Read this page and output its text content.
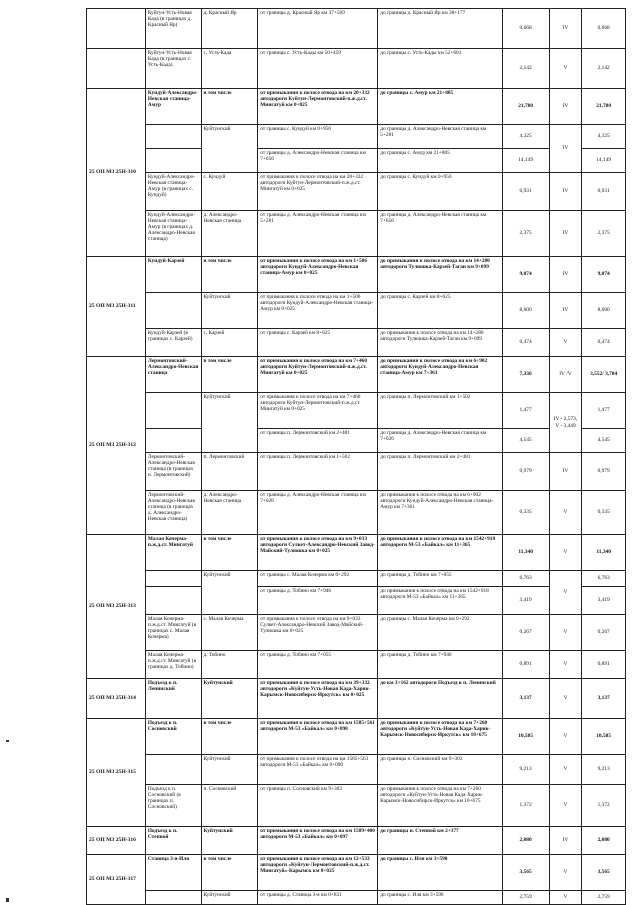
	Куйтун-Усть-Новая Када (в границах д. Красный Яр)	д. Красный Яр	от границы д. Красный Яр км 37+509	до границы д. Красный Яр км 38+177	0,668	IV	0,668
	Куйтун-Усть-Новая Када (в границах с. Усть-Када)	с. Усть-Када	от границы с. Усть-Кады км 50+459	до границы с. Усть-Кады км 52+601	2,142	V	2,142
25 ОП МЗ 25Н-310	Кундуй-Александро-Невская станица-Амур	в том числе	от примыкания к полосе отвода на км 20+332 автодороги Куйтун-Лермонтовский-п.ж.д.ст. Мингатуй км 0+025	до границы с. Амур км 21+805	21,780	IV	21,780
		Куйтунский	от границы с. Кундуй км 0+956	до границы д. Александро-Невская станица км 5+281	4,325	IV	4,325
			от границы д. Александро-Невская станица км 7+656	до границы с. Амур км 21+805	14,149		14,149
	Кундуй-Александро-Невская станица-Амур (в границах с. Кундуй)	с. Кундуй	от примыкания к полосе отвода на км 20+332 автодороги Куйтун-Лермонтовский-п.ж.д.ст. Мингатуй км 0+025	до границы с. Кундуй км 0+956	0,931	IV	0,931
	Кундуй-Александро-Невская станица-Амур (в границах д. Александро-Невская станица)	д. Александро-Невская станица	от границы д. Александро-Невская станица км 5+281	до границы д. Александро-Невская станица км 7+656	2,375	IV	2,375
25 ОП МЗ 25Н-311	Кундуй-Карзей	в том числе	от примыкания к полосе отвода на км 1+506 автодороги Кундуй-Александро-Невская станица-Амур км 0+025	до примыкания к полосе отвода на км 14+280 автодороги Тулюшка-Карзей-Таган км 9+099	9,074	IV	9,074
		Куйтунский	от примыкания к полосе отвода на км 1+506 автодороги Кундуй-Александро-Невская станица-Амур км 0+025	до границы с. Карзей км 8+625	8,600	IV	8,600
	Кундуй-Карзей (в границах с. Карзей)	с. Карзей	от границы с. Карзей км 8+625	до примыкания к полосе отвода на км 14+280 автодороги Тулюшка-Карзей-Таган км 9+099	0,474	V	0,474
25 ОП МЗ 25Н-312	Лермонтовский-Александро-Невская станица	в том числе	от примыкания к полосе отвода на км 7+460 автодороги Куйтун-Лермонтовский-п.ж.д.ст. Мингатуй км 0+025	до примыкания к полосе отвода на км 6+902 автодороги Кундуй-Александро-Невская станица-Амур км 7+361	7,336	IV /V	3,552/ 3,784
		Куйтунский	от примыкания к полосе отвода на км 7+460 автодороги Куйтун-Лермонтовский-п.ж.д.ст. Мингатуй км 0+025	до границы п. Лермонтовский км 1+502	1,477	IV - 2,573, V - 3,449	1,477
			от границы п. Лермонтовский км 2+481	до границы д. Александро-Невская станица км 7+026	4,545		4,545
	Лермонтовский-Александро-Невская станица (в границах п. Лермонтовский)	п. Лермонтовский	от границы п. Лермонтовский км 1+502	до границы п. Лермонтовский км 2+481	0,979	IV	0,979
	Лермонтовский-Александро-Невская станица (в границах д. Александро-Невская станица)	д. Александро-Невская станица	от границы д. Александро-Невская станица км 7+026	до примыкания к полосе отвода на км 6+902 автодороги Кундуй-Александро-Невская станица-Амур км 7+361	0,335	V	0,335
25 ОП МЗ 25Н-313	Малая Кочерма-п.ж.д.ст. Мингатуй	в том числе	от примыкания к полосе отвода на км 9+033 автодороги Сулкет-Александро-Невский Завод-Майский-Тулюшка км 0+025	до примыкания к полосе отвода на км 1542+918 автодороги М-53 «Байкал» км 11+365	11,340	V	11,340
		Куйтунский	от границы с. Малая Кочерма км 0+292	до границы д. Тобино км 7+055	6,763	V	6,763
			от границы д. Тобино км 7+946	до примыкания к полосе отвода на км 1542+918 автодороги М-53 «Байкал» км 11+365	3,419		3,419
	Малая Кочерма-п.ж.д.ст. Мингатуй (в границах с. Малая Кочерма)	с. Малая Кочерма	от примыкания к полосе отвода на км 9+033 Сулкет-Александро-Невский Завод-Майский-Тулюшка км 0+025	до границы с. Малая Кочерма км 0+292	0,267	V	0,267
	Малая Кочерма-п.ж.д.ст. Мингатуй (в границах д. Тобино)	д. Тобино	от границы д. Тобино км 7+055	до границы д. Тобино км 7+946	0,891	V	0,891
25 ОП МЗ 25Н-314	Подъезд к п. Ленинский	Куйтунский	от примыкания к полосе отвода на км 39+332 автодороги «Куйтун-Усть-Новая Када-Харик-Карымск-Новосибирск-Иркутск» км 0+025	до км 3+162 автодороги Подъезд к п. Ленинский	3,137	V	3,137
25 ОП МЗ 25Н-315	Подъезд к п. Сосновский	в том числе	от примыкания к полосе отвода на км 1585+561 автодороги М-53 «Байкал» км 0+090	до примыкания к полосе отвода на км 7+260 автодороги «Куйтун-Усть-Новая Када-Харик-Карымск-Новосибирск-Иркутск» км 10+675	10,585	V	10,585
		Куйтунский	от примыкания к полосе отвода на км 1585+561 автодороги М-53 «Байкал» км 0+090	до границы п. Сосновский км 9+303	9,213	V	9,213
	Подъезд к п. Сосновский (в границах п. Сосновский)	п. Сосновский	от границы п. Сосновский км 9+303	до примыкания к полосе отвода на км 7+260 автодороги «Куйтун-Усть-Новая Када-Харик-Карымск-Новосибирск-Иркутск» км 10+675	1,372	V	1,372
25 ОП МЗ 25Н-316	Подъезд к п. Степной	Куйтунский	от примыкания к полосе отвода на км 1589+400 автодороги М-53 «Байкал» км 0+097	до границы п. Степной км 2+177	2,080	IV	2,080
25 ОП МЗ 25Н-317	Станица 3-я-Иля	в том числе	от примыкания к полосе отвода на км 12+533 автодороги «Куйтун-Лермонтовский-п.ж.д.ст. Мингатуй»-Карымск км 0+025	до границы с. Иля км 3+590	3,565	V	3,565
		Куйтунский	от границы д. Станица 3-я км 0+831	до границы с. Иля км 3+590	2,759	V	2,759
